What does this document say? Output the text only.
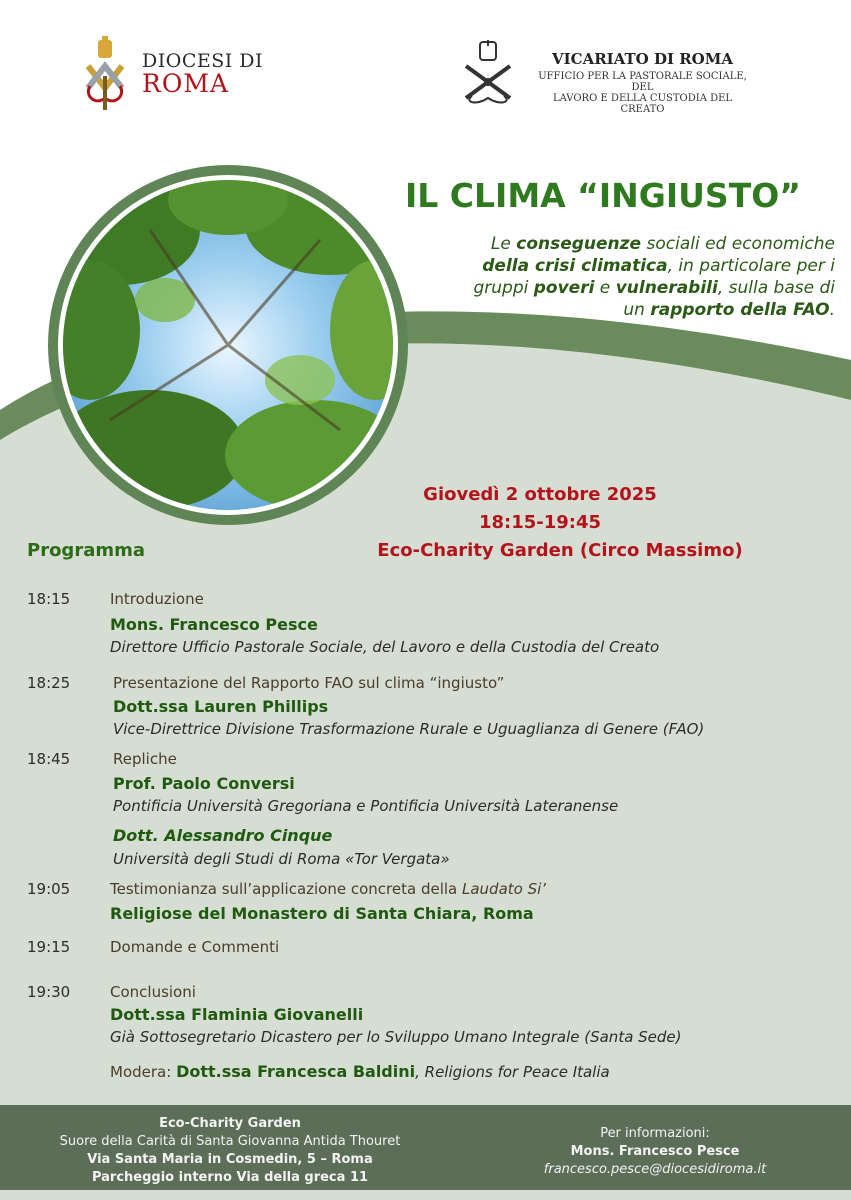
DIOCESI DI
ROMA
VICARIATO DI ROMA
UFFICIO PER LA PASTORALE SOCIALE, DEL
LAVORO E DELLA CUSTODIA DEL CREATO
IL CLIMA “INGIUSTO”
Le conseguenze sociali ed economiche
della crisi climatica, in particolare per i
gruppi poveri e vulnerabili, sulla base di
un rapporto della FAO.
Giovedì 2 ottobre 2025
18:15-19:45
Eco-Charity Garden (Circo Massimo)
Programma
18:15	Introduzione
Mons. Francesco Pesce
Direttore Ufficio Pastorale Sociale, del Lavoro e della Custodia del Creato
18:25	Presentazione del Rapporto FAO sul clima “ingiusto”
Dott.ssa Lauren Phillips
Vice-Direttrice Divisione Trasformazione Rurale e Uguaglianza di Genere (FAO)
18:45	Repliche
Prof. Paolo Conversi
Pontificia Università Gregoriana e Pontificia Università Lateranense
Dott. Alessandro Cinque
Università degli Studi di Roma «Tor Vergata»
19:05	Testimonianza sull’applicazione concreta della Laudato Si’
Religiose del Monastero di Santa Chiara, Roma
19:15	Domande e Commenti
19:30	Conclusioni
Dott.ssa Flaminia Giovanelli
Già Sottosegretario Dicastero per lo Sviluppo Umano Integrale (Santa Sede)
Modera: Dott.ssa Francesca Baldini, Religions for Peace Italia
Eco-Charity Garden
Suore della Carità di Santa Giovanna Antida Thouret
Via Santa Maria in Cosmedin, 5 – Roma
Parcheggio interno Via della greca 11
Per informazioni:
Mons. Francesco Pesce
francesco.pesce@diocesidiroma.it
